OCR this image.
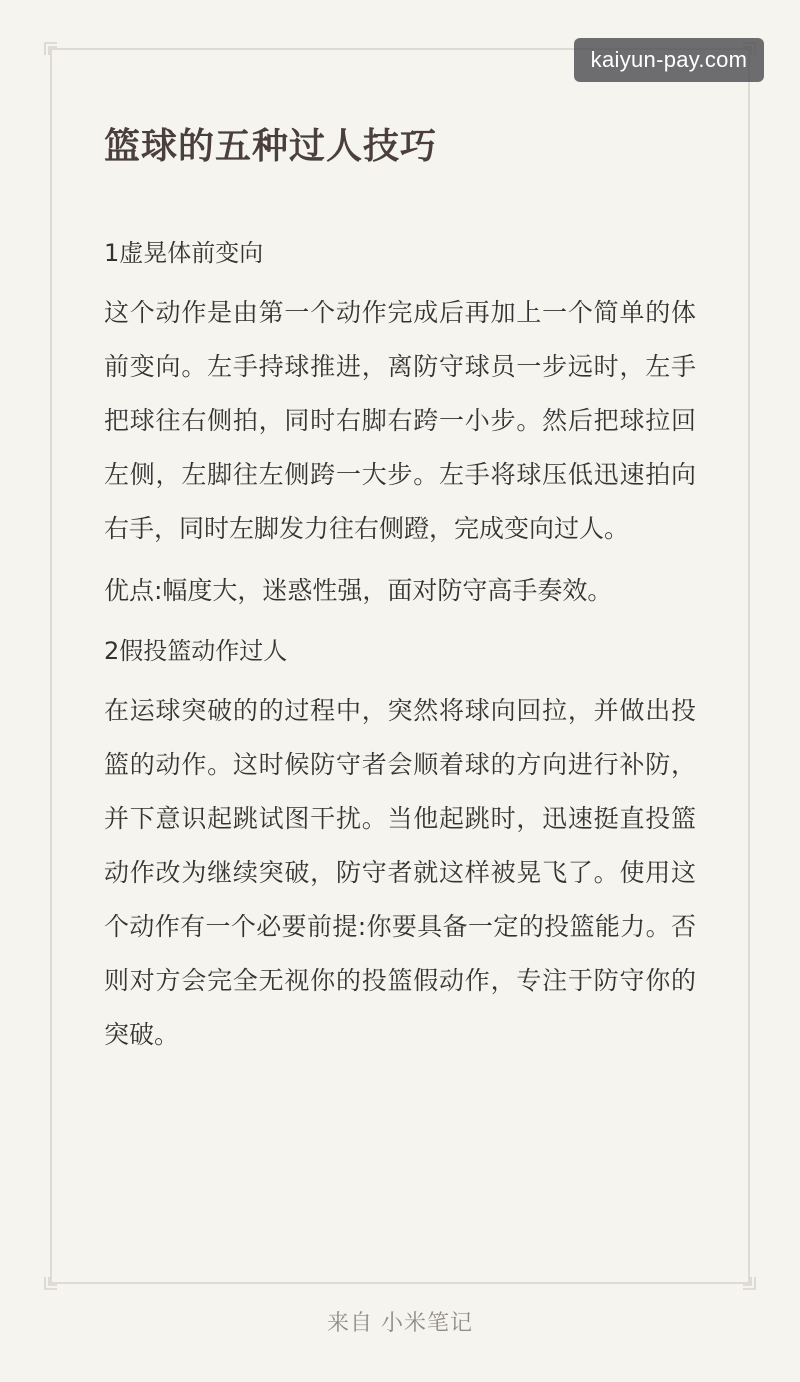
kaiyun-pay.com
篮球的五种过人技巧
1虚晃体前变向
这个动作是由第一个动作完成后再加上一个简单的体前变向。左手持球推进，离防守球员一步远时，左手把球往右侧拍，同时右脚右跨一小步。然后把球拉回左侧，左脚往左侧跨一大步。左手将球压低迅速拍向右手，同时左脚发力往右侧蹬，完成变向过人。
优点:幅度大，迷惑性强，面对防守高手奏效。
2假投篮动作过人
在运球突破的的过程中，突然将球向回拉，并做出投篮的动作。这时候防守者会顺着球的方向进行补防，并下意识起跳试图干扰。当他起跳时，迅速挺直投篮动作改为继续突破，防守者就这样被晃飞了。使用这个动作有一个必要前提:你要具备一定的投篮能力。否则对方会完全无视你的投篮假动作，专注于防守你的突破。
来自 小米笔记
